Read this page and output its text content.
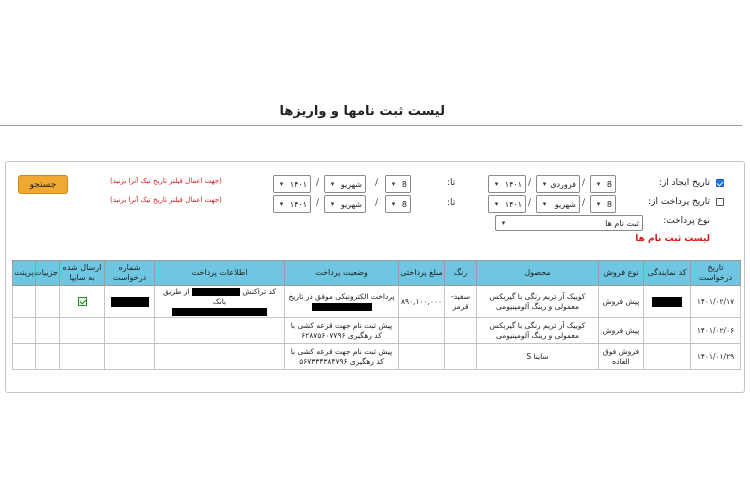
لیست ثبت نامها و واریزها
جستجو	(جهت اعمال فیلتر تاریخ تیک آنرا بزنید)
(جهت اعمال فیلتر تاریخ تیک آنرا بزنید)
تاریخ ایجاد از:
8
▾
/
فروردی
▾
/
۱۴۰۱
▾
تا:
8
▾
/
شهریو
▾
/
۱۴۰۱
▾
تاریخ پرداخت از:
8
▾
/
شهریو
▾
/
۱۴۰۱
▾
تا:
8
▾
/
شهریو
▾
/
۱۴۰۱
▾
نوع پرداخت:
ثبت نام ها
▾
لیست ثبت نام ها
تاریخ درخواست	کد نمایندگی	نوع فروش	محصول	رنگ	مبلغ پرداختی	وضعیت پرداخت	اطلاعات پرداخت	شماره درخواست	ارسال شده به سایپا	جزییات	پرینت
۱۴۰۱/۰۲/۱۷		پیش فروش	کوییک آر تریم رنگی با گیربکس معمولی و رینگ آلومینیومی	سفید- قرمز	۸۹۰,۱۰۰,۰۰۰	پرداخت الکترونیکی موفق در تاریخ	کد تراکنش  از طریق بانک

۱۴۰۱/۰۲/۰۶		پیش فروش	کوییک آر تریم رنگی با گیربکس معمولی و رینگ آلومینیومی			پیش ثبت نام جهت قرعه کشی با کد رهگیری ۶۲۸۷۵۶۰۷۷۹۶					
۱۴۰۱/۰۱/۲۹		فروش فوق العاده	ساینا S			پیش ثبت نام جهت قرعه کشی با کد رهگیری ۵۶۷۳۳۴۳۸۴۷۹۶					
